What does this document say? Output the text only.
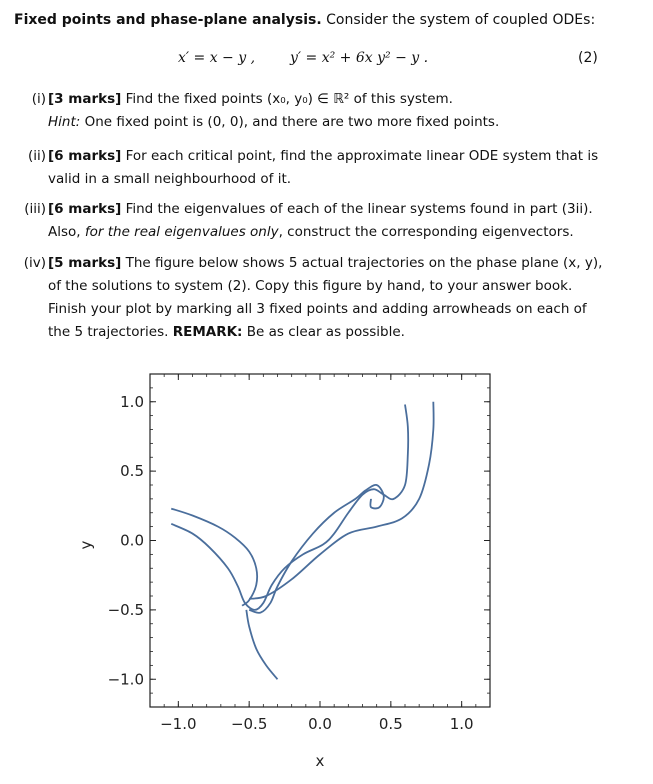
Fixed points and phase-plane analysis. Consider the system of coupled ODEs:
x′ = x − y , y′ = x² + 6x y² − y .	(2)
(i) [3 marks] Find the fixed points (x₀, y₀) ∈ ℝ² of this system.
Hint: One fixed point is (0, 0), and there are two more fixed points.
(ii) [6 marks] For each critical point, find the approximate linear ODE system that is valid in a small neighbourhood of it.
(iii) [6 marks] Find the eigenvalues of each of the linear systems found in part (3ii). Also, for the real eigenvalues only, construct the corresponding eigenvectors.
(iv) [5 marks] The figure below shows 5 actual trajectories on the phase plane (x, y), of the solutions to system (2). Copy this figure by hand, to your answer book. Finish your plot by marking all 3 fixed points and adding arrowheads on each of the 5 trajectories. REMARK: Be as clear as possible.
−1.0 −0.5	0.0	0.5	1.0
1.0
0.5
0.0
−0.5
−1.0
x
y
